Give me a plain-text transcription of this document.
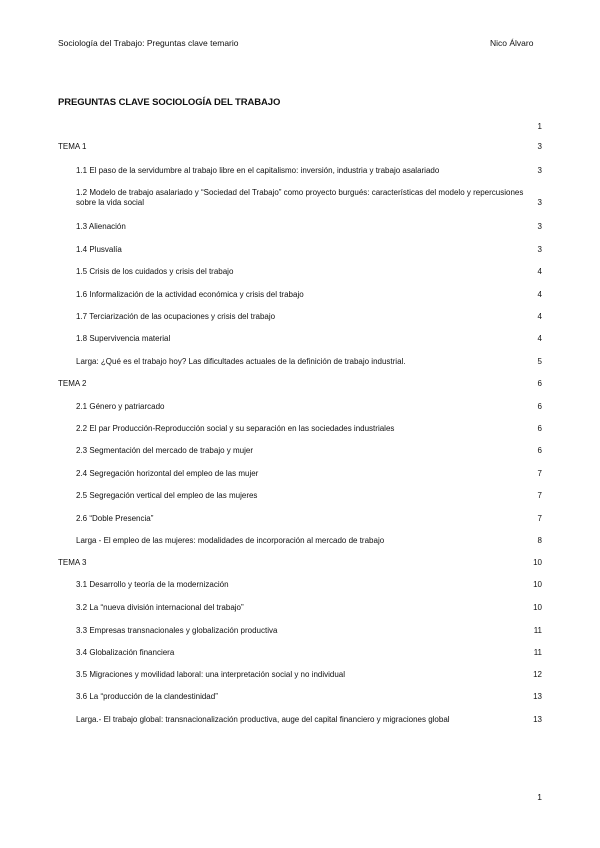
Sociología del Trabajo: Preguntas clave temario	Nico Álvaro
PREGUNTAS CLAVE SOCIOLOGÍA DEL TRABAJO
1
TEMA 1	3
1.1 El paso de la servidumbre al trabajo libre en el capitalismo: inversión, industria y trabajo asalariado	3
1.2 Modelo de trabajo asalariado y “Sociedad del Trabajo” como proyecto burgués: características del modelo y repercusiones sobre la vida social	3
1.3 Alienación	3
1.4 Plusvalía	3
1.5 Crisis de los cuidados y crisis del trabajo	4
1.6 Informalización de la actividad económica y crisis del trabajo	4
1.7 Terciarización de las ocupaciones y crisis del trabajo	4
1.8 Supervivencia material	4
Larga: ¿Qué es el trabajo hoy? Las dificultades actuales de la definición de trabajo industrial.	5
TEMA 2	6
2.1 Género y patriarcado	6
2.2 El par Producción-Reproducción social y su separación en las sociedades industriales	6
2.3 Segmentación del mercado de trabajo y mujer	6
2.4 Segregación horizontal del empleo de las mujer	7
2.5 Segregación vertical del empleo de las mujeres	7
2.6 “Doble Presencia”	7
Larga - El empleo de las mujeres: modalidades de incorporación al mercado de trabajo	8
TEMA 3	10
3.1 Desarrollo y teoría de la modernización	10
3.2 La “nueva división internacional del trabajo”	10
3.3 Empresas transnacionales y globalización productiva	11
3.4 Globalización financiera	11
3.5 Migraciones y movilidad laboral: una interpretación social y no individual	12
3.6 La “producción de la clandestinidad”	13
Larga.- El trabajo global: transnacionalización productiva, auge del capital financiero y migraciones global	13
1
